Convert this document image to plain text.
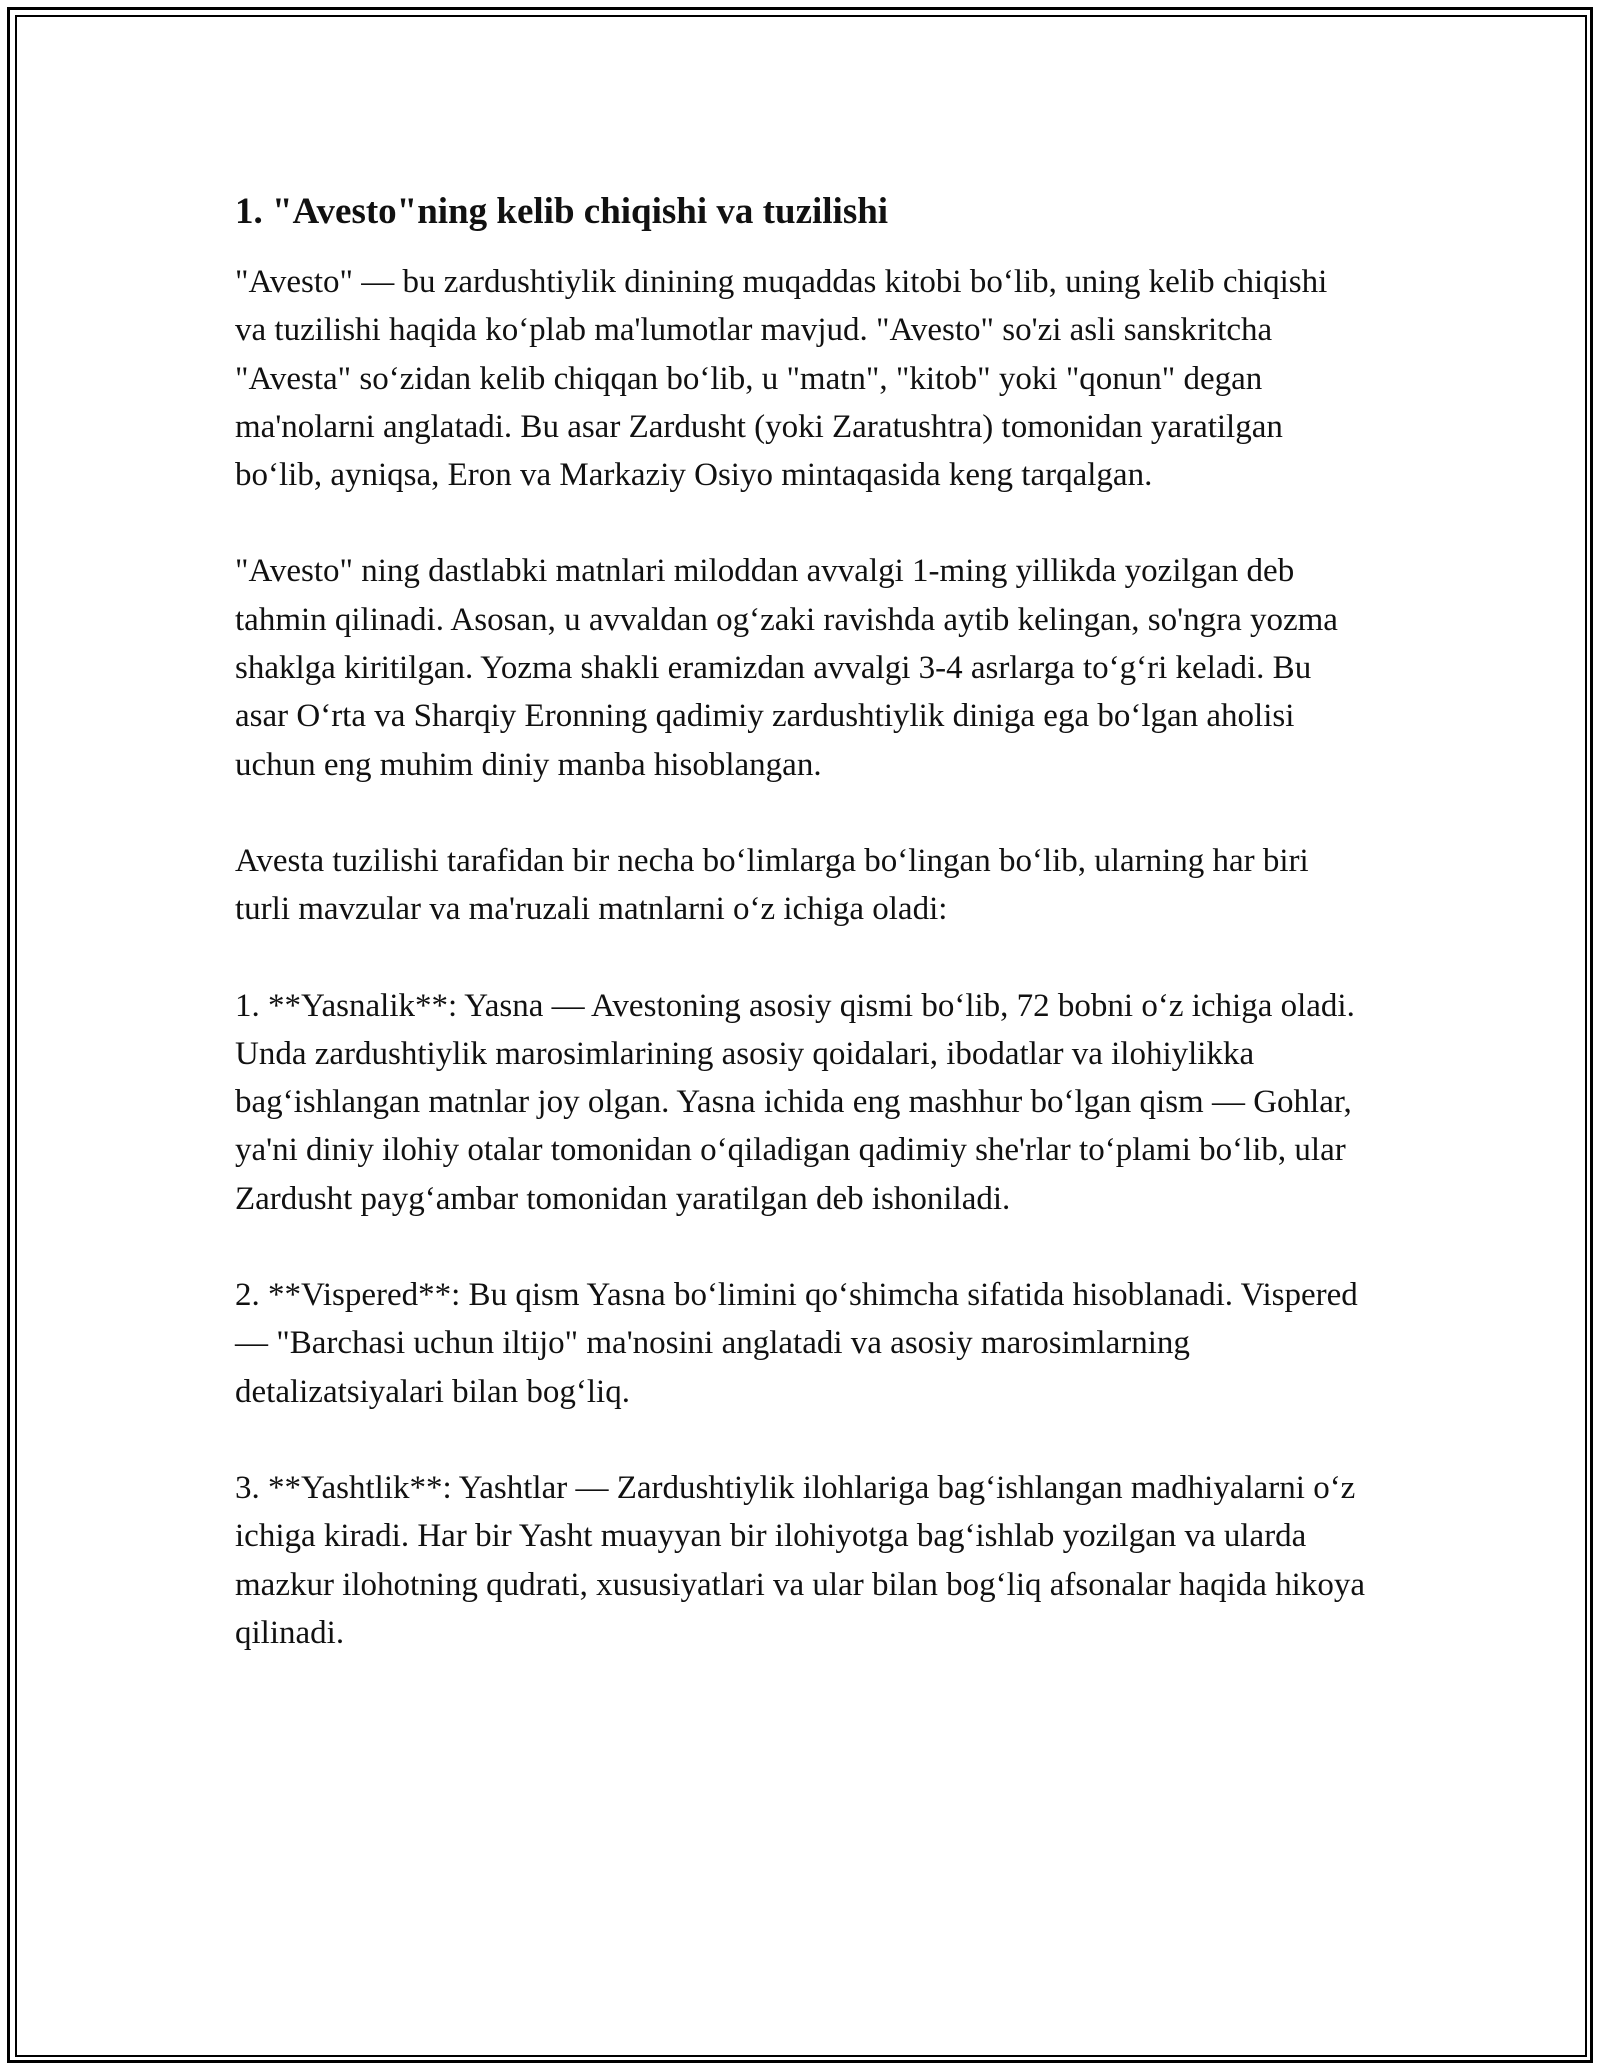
1. "Avesto"ning kelib chiqishi va tuzilishi

"Avesto" — bu zardushtiylik dinining muqaddas kitobi bo‘lib, uning kelib chiqishi va tuzilishi haqida ko‘plab ma'lumotlar mavjud. "Avesto" so'zi asli sanskritcha "Avesta" so‘zidan kelib chiqqan bo‘lib, u "matn", "kitob" yoki "qonun" degan ma'nolarni anglatadi. Bu asar Zardusht (yoki Zaratushtra) tomonidan yaratilgan bo‘lib, ayniqsa, Eron va Markaziy Osiyo mintaqasida keng tarqalgan.

"Avesto" ning dastlabki matnlari miloddan avvalgi 1-ming yillikda yozilgan deb tahmin qilinadi. Asosan, u avvaldan og‘zaki ravishda aytib kelingan, so'ngra yozma shaklga kiritilgan. Yozma shakli eramizdan avvalgi 3-4 asrlarga to‘g‘ri keladi. Bu asar O‘rta va Sharqiy Eronning qadimiy zardushtiylik diniga ega bo‘lgan aholisi uchun eng muhim diniy manba hisoblangan.

Avesta tuzilishi tarafidan bir necha bo‘limlarga bo‘lingan bo‘lib, ularning har biri turli mavzular va ma'ruzali matnlarni o‘z ichiga oladi:

1. **Yasnalik**: Yasna — Avestoning asosiy qismi bo‘lib, 72 bobni o‘z ichiga oladi. Unda zardushtiylik marosimlarining asosiy qoidalari, ibodatlar va ilohiylikka bag‘ishlangan matnlar joy olgan. Yasna ichida eng mashhur bo‘lgan qism — Gohlar, ya'ni diniy ilohiy otalar tomonidan o‘qiladigan qadimiy she'rlar to‘plami bo‘lib, ular Zardusht payg‘ambar tomonidan yaratilgan deb ishoniladi.

2. **Vispered**: Bu qism Yasna bo‘limini qo‘shimcha sifatida hisoblanadi. Vispered — "Barchasi uchun iltijo" ma'nosini anglatadi va asosiy marosimlarning detalizatsiyalari bilan bog‘liq.

3. **Yashtlik**: Yashtlar — Zardushtiylik ilohlariga bag‘ishlangan madhiyalarni o‘z ichiga kiradi. Har bir Yasht muayyan bir ilohiyotga bag‘ishlab yozilgan va ularda mazkur ilohotning qudrati, xususiyatlari va ular bilan bog‘liq afsonalar haqida hikoya qilinadi.
